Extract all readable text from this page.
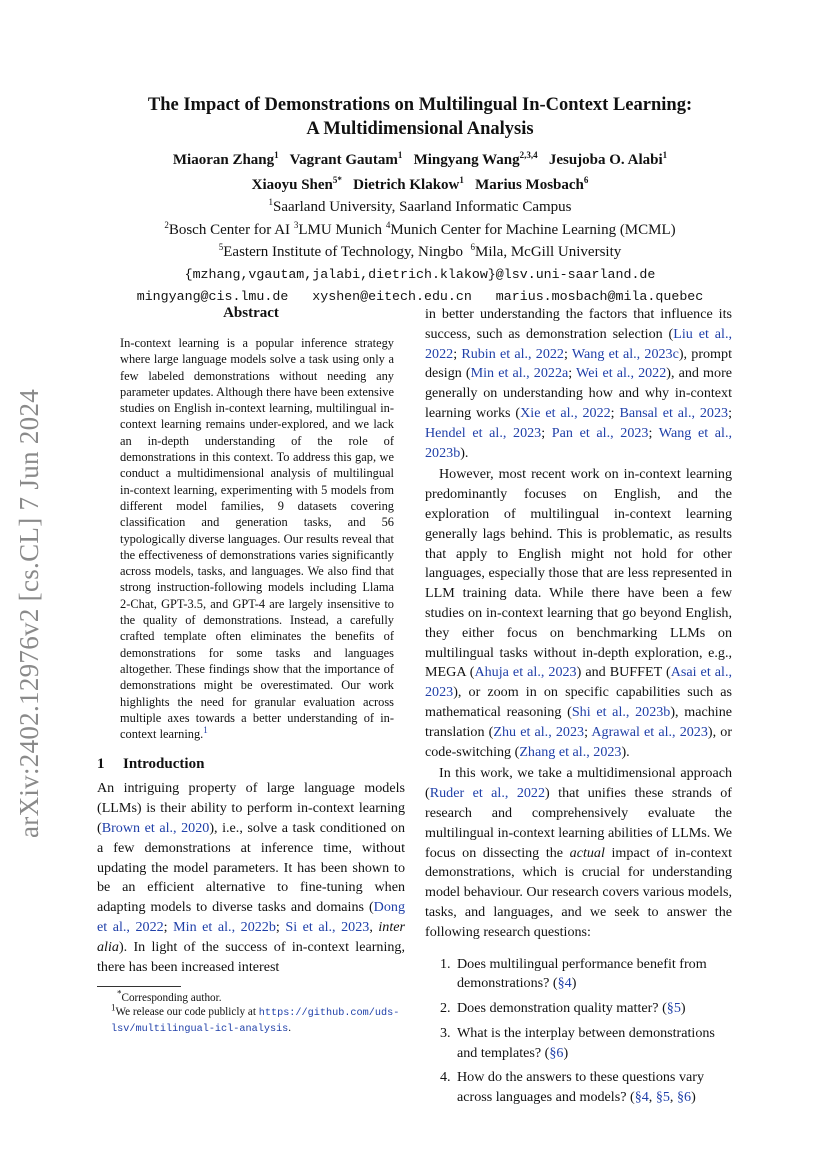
arXiv:2402.12976v2 [cs.CL] 7 Jun 2024
The Impact of Demonstrations on Multilingual In-Context Learning:
A Multidimensional Analysis
Miaoran Zhang$^1$ Vagrant Gautam$^1$ Mingyang Wang$^{2,3,4}$ Jesujoba O. Alabi$^1$
Xiaoyu Shen$^{5*}$ Dietrich Klakow$^1$ Marius Mosbach$^6$
$^1$Saarland University, Saarland Informatic Campus
$^2$Bosch Center for AI $^3$LMU Munich $^4$Munich Center for Machine Learning (MCML)
$^5$Eastern Institute of Technology, Ningbo $^6$Mila, McGill University
{mzhang,vgautam,jalabi,dietrich.klakow}@lsv.uni-saarland.de
mingyang@cis.lmu.de   xyshen@eitech.edu.cn   marius.mosbach@mila.quebec
Abstract

In-context learning is a popular inference strategy where large language models solve a task using only a few labeled demonstrations without needing any parameter updates. Although there have been extensive studies on English in-context learning, multilingual in-context learning remains under-explored, and we lack an in-depth understanding of the role of demonstrations in this context. To address this gap, we conduct a multidimensional analysis of multilingual in-context learning, experimenting with 5 models from different model families, 9 datasets covering classification and generation tasks, and 56 typologically diverse languages. Our results reveal that the effectiveness of demonstrations varies significantly across models, tasks, and languages. We also find that strong instruction-following models including Llama 2-Chat, GPT-3.5, and GPT-4 are largely insensitive to the quality of demonstrations. Instead, a carefully crafted template often eliminates the benefits of demonstrations for some tasks and languages altogether. These findings show that the importance of demonstrations might be overestimated. Our work highlights the need for granular evaluation across multiple axes towards a better understanding of in-context learning.$^1$

1 Introduction

An intriguing property of large language models (LLMs) is their ability to perform in-context learning (Brown et al., 2020), i.e., solve a task conditioned on a few demonstrations at inference time, without updating the model parameters. It has been shown to be an efficient alternative to fine-tuning when adapting models to diverse tasks and domains (Dong et al., 2022; Min et al., 2022b; Si et al., 2023, inter alia). In light of the success of in-context learning, there has been increased interest

*Corresponding author.

$^1$We release our code publicly at https://github.com/uds-lsv/multilingual-icl-analysis.

in better understanding the factors that influence its success, such as demonstration selection (Liu et al., 2022; Rubin et al., 2022; Wang et al., 2023c), prompt design (Min et al., 2022a; Wei et al., 2022), and more generally on understanding how and why in-context learning works (Xie et al., 2022; Bansal et al., 2023; Hendel et al., 2023; Pan et al., 2023; Wang et al., 2023b).

However, most recent work on in-context learning predominantly focuses on English, and the exploration of multilingual in-context learning generally lags behind. This is problematic, as results that apply to English might not hold for other languages, especially those that are less represented in LLM training data. While there have been a few studies on in-context learning that go beyond English, they either focus on benchmarking LLMs on multilingual tasks without in-depth exploration, e.g., MEGA (Ahuja et al., 2023) and BUFFET (Asai et al., 2023), or zoom in on specific capabilities such as mathematical reasoning (Shi et al., 2023b), machine translation (Zhu et al., 2023; Agrawal et al., 2023), or code-switching (Zhang et al., 2023).

In this work, we take a multidimensional approach (Ruder et al., 2022) that unifies these strands of research and comprehensively evaluate the multilingual in-context learning abilities of LLMs. We focus on dissecting the actual impact of in-context demonstrations, which is crucial for understanding model behaviour. Our research covers various models, tasks, and languages, and we seek to answer the following research questions:

1. Does multilingual performance benefit from demonstrations? (§4)
2. Does demonstration quality matter? (§5)
3. What is the interplay between demonstrations and templates? (§6)
4. How do the answers to these questions vary across languages and models? (§4, §5, §6)
